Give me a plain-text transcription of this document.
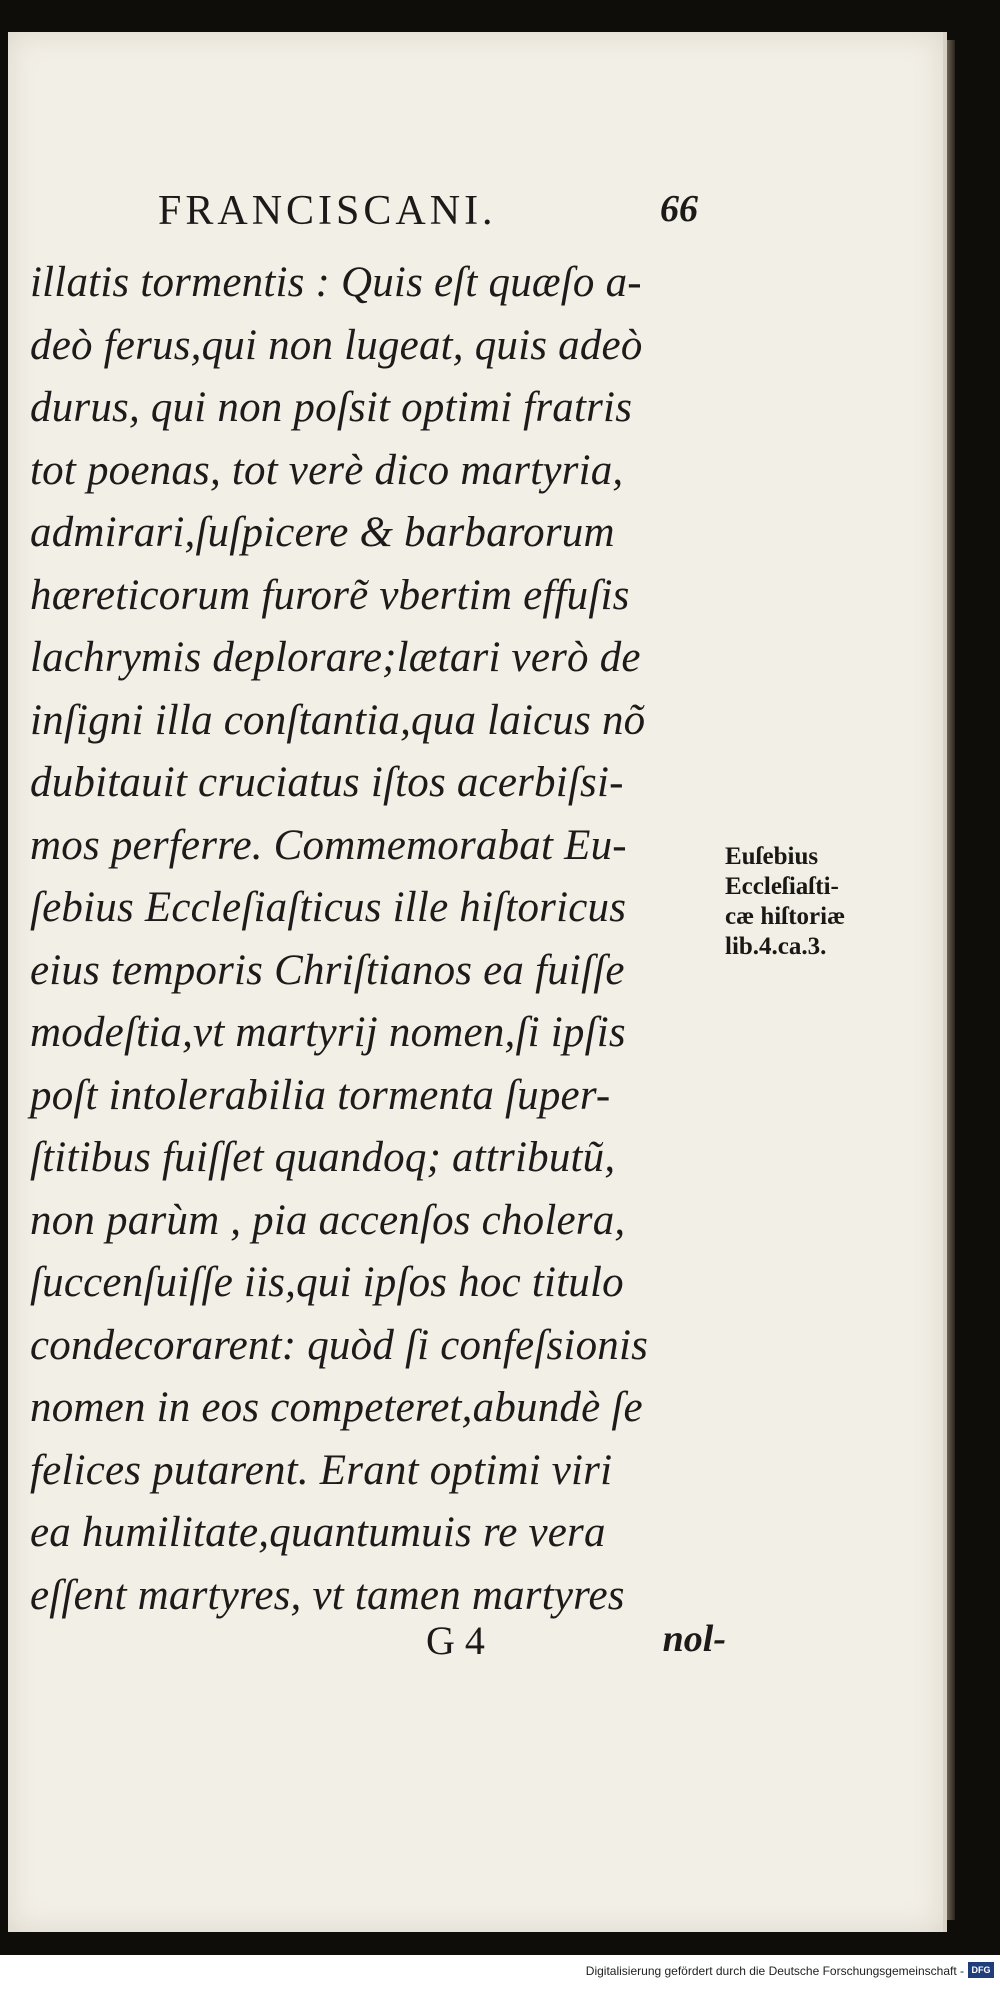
FRANCISCANI.	66
illatis tormentis : Quis eſt quæſo a-
deò ferus,qui non lugeat, quis adeò
durus, qui non poſsit optimi fratris
tot poenas, tot verè dico martyria,
admirari,ſuſpicere & barbarorum
hæreticorum furorẽ vbertim effuſis
lachrymis deplorare;lætari verò de
inſigni illa conſtantia,qua laicus nõ
dubitauit cruciatus iſtos acerbiſsi-
mos perferre. Commemorabat Eu-
ſebius Eccleſiaſticus ille hiſtoricus
eius temporis Chriſtianos ea fuiſſe
modeſtia,vt martyrij nomen,ſi ipſis
poſt intolerabilia tormenta ſuper-
ſtitibus fuiſſet quandoq; attributũ,
non parùm , pia accenſos cholera,
ſuccenſuiſſe iis,qui ipſos hoc titulo
condecorarent: quòd ſi confeſsionis
nomen in eos competeret,abundè ſe
felices putarent. Erant optimi viri
ea humilitate,quantumuis re vera
eſſent martyres, vt tamen martyres
Euſebius
Eccleſiaſti-
cæ hiſtoriæ
lib.4.ca.3.
G 4	nol-
Digitalisierung gefördert durch die Deutsche Forschungsgemeinschaft - DFG
